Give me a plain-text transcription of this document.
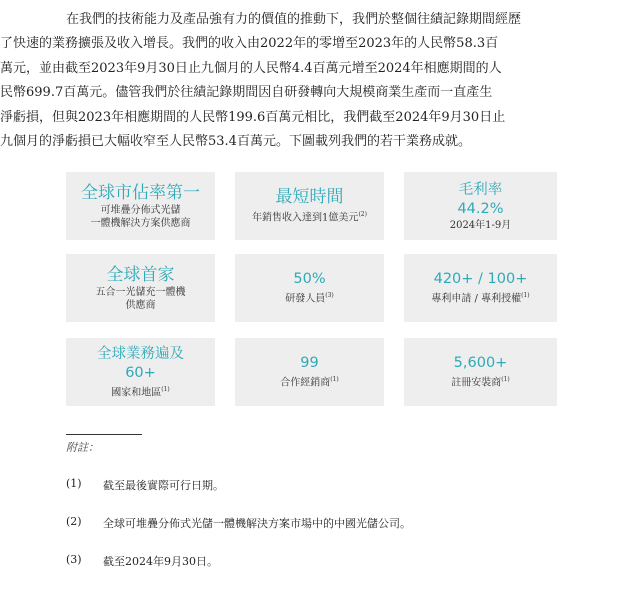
在我們的技術能力及產品強有力的價值的推動下，我們於整個往績記錄期間經歷
了快速的業務擴張及收入增長。我們的收入由2022年的零增至2023年的人民幣58.3百
萬元，並由截至2023年9月30日止九個月的人民幣4.4百萬元增至2024年相應期間的人
民幣699.7百萬元。儘管我們於往績記錄期間因自研發轉向大規模商業生產而一直產生
淨虧損，但與2023年相應期間的人民幣199.6百萬元相比，我們截至2024年9月30日止
九個月的淨虧損已大幅收窄至人民幣53.4百萬元。下圖載列我們的若干業務成就。
全球市佔率第一
可堆疊分佈式光儲
一體機解決方案供應商
最短時間
年銷售收入達到1億美元$^{(2)}$
毛利率
44.2%
2024年1-9月
全球首家
五合一光儲充一體機
供應商
50%
研發人員$^{(3)}$
420+ / 100+
專利申請 / 專利授權$^{(1)}$
全球業務遍及
60+
國家和地區$^{(1)}$
99
合作經銷商$^{(1)}$
5,600+
註冊安裝商$^{(1)}$
附註：
(1) 截至最後實際可行日期。
(2) 全球可堆疊分佈式光儲一體機解決方案市場中的中國光儲公司。
(3) 截至2024年9月30日。
